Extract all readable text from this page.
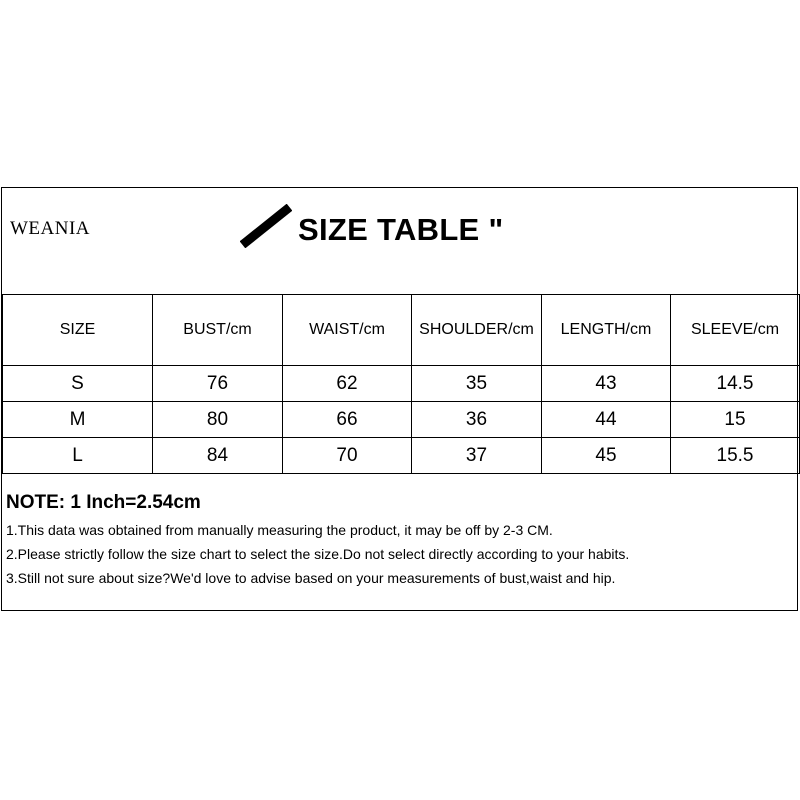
WEANIA	SIZE TABLE "
SIZE	BUST/cm	WAIST/cm	SHOULDER/cm	LENGTH/cm	SLEEVE/cm
S	76	62	35	43	14.5
M	80	66	36	44	15
L	84	70	37	45	15.5
NOTE: 1 Inch=2.54cm
1.This data was obtained from manually measuring the product, it may be off by 2-3 CM.
2.Please strictly follow the size chart to select the size.Do not select directly according to your habits.
3.Still not sure about size?We'd love to advise based on your measurements of bust,waist and hip.
